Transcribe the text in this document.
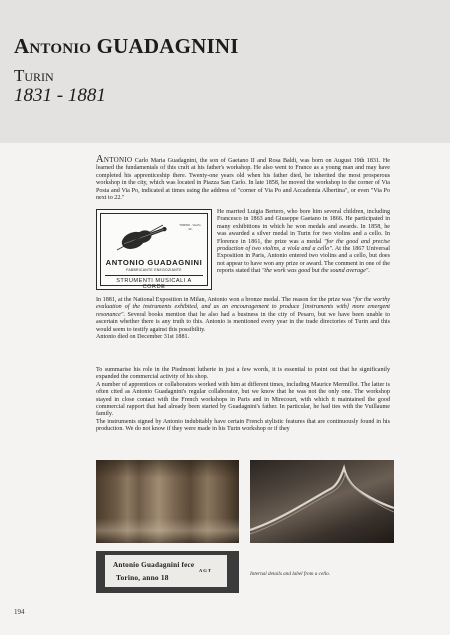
Antonio GUADAGNINI
Turin
1831 - 1881
Antonio Carlo Maria Guadagnini, the son of Gaetano II and Rosa Baldi, was born on August 19th 1831. He learned the fundamentals of this craft at his father's workshop. He also went to France as a young man and may have completed his apprenticeship there. Twenty-one years old when his father died, he inherited the most prosperous workshop in the city, which was located in Piazza San Carlo. In late 1858, he moved the workshop to the corner of Via Posta and Via Po, indicated at times using the address of "corner of Via Po and Accademia Albertina", or even "Via Po next to 22."
TORINO · Via Po · 22 ·
ANTONIO GUADAGNINI
FABBRICANTE ENEGOZIANTE
STRUMENTI MUSICALI A CORDE
He married Luigia Bertero, who bore him several children, including Francesco in 1863 and Giuseppe Gaetano in 1866. He participated in many exhibitions in which he won medals and awards. In 1858, he was awarded a silver medal in Turin for two violins and a cello. In Florence in 1861, the prize was a medal "for the good and precise production of two violins, a viola and a cello". At the 1867 Universal Exposition in Paris, Antonio entered two violins and a cello, but does not appear to have won any prize or award. The comment in one of the reports stated that "the work was good but the sound average".
In 1881, at the National Exposition in Milan, Antonio won a bronze medal. The reason for the prize was "for the worthy evaluation of the instruments exhibited, and as an encouragement to produce [instruments with] more emergent resonance". Several books mention that he also had a business in the city of Pesaro, but we have been unable to ascertain whether there is any truth to this. Antonio is mentioned every year in the trade directories of Turin and this would seem to testify against this possibility.
Antonio died on December 31st 1881.
To summarise his role in the Piedmont lutherie in just a few words, it is essential to point out that he significantly expanded the commercial activity of his shop.
A number of apprentices or collaborators worked with him at different times, including Maurice Mermillot. The latter is often cited as Antonio Guadagnini's regular collaborator, but we know that he was not the only one. The workshop stayed in close contact with the French workshops in Paris and in Mirecourt, with which it maintained the good commercial rapport that had already been started by Guadagnini's father. In particular, he had ties with the Vuillaume family.
The instruments signed by Antonio indubitably have certain French stylistic features that are continuously found in his production. We do not know if they were made in his Turin workshop or if they
Antonio Guadagnini fece
Torino, anno 18
A G T
Internal details and label from a cello.
194
